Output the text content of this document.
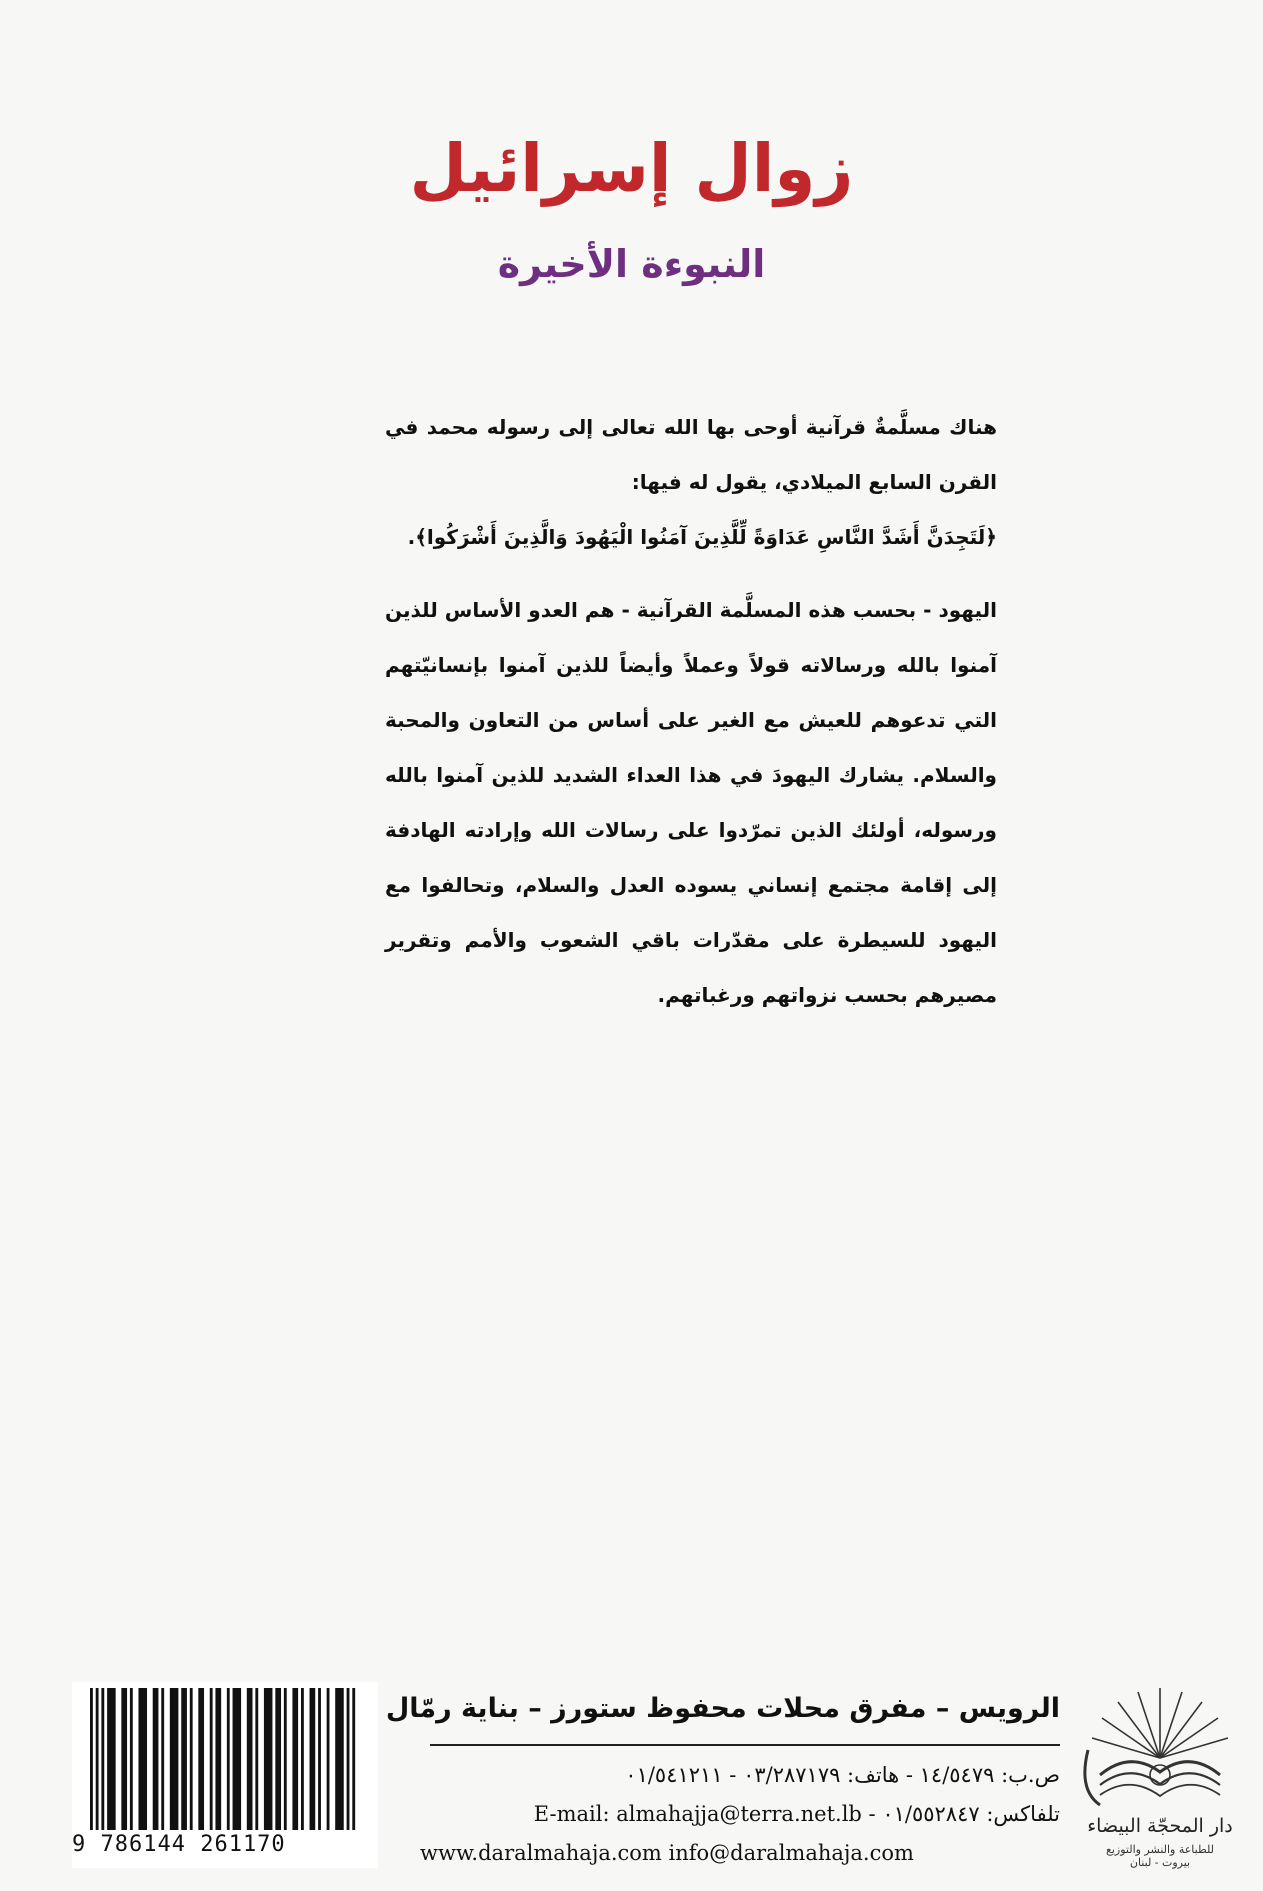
زوال إسرائيل
النبوءة الأخيرة

هناك مسلَّمةٌ قرآنية أوحى بها الله تعالى إلى رسوله محمد في القرن السابع الميلادي، يقول له فيها:

﴿لَتَجِدَنَّ أَشَدَّ النَّاسِ عَدَاوَةً لِّلَّذِينَ آمَنُوا الْيَهُودَ وَالَّذِينَ أَشْرَكُوا﴾.

اليهود - بحسب هذه المسلَّمة القرآنية - هم العدو الأساس للذين آمنوا بالله ورسالاته قولاً وعملاً وأيضاً للذين آمنوا بإنسانيّتهم التي تدعوهم للعيش مع الغير على أساس من التعاون والمحبة والسلام. يشارك اليهودَ في هذا العداء الشديد للذين آمنوا بالله ورسوله، أولئك الذين تمرّدوا على رسالات الله وإرادته الهادفة إلى إقامة مجتمع إنساني يسوده العدل والسلام، وتحالفوا مع اليهود للسيطرة على مقدّرات باقي الشعوب والأمم وتقرير مصيرهم بحسب نزواتهم ورغباتهم.

9 786144 261170
الرويس – مفرق محلات محفوظ ستورز – بناية رمّال
ص.ب: ١٤/٥٤٧٩ - هاتف: ٠٣/٢٨٧١٧٩ - ٠١/٥٤١٢١١
تلفاكس: ٠١/٥٥٢٨٤٧ - E-mail: almahajja@terra.net.lb
www.daralmahaja.com info@daralmahaja.com
دار المحجّة البيضاء
للطباعة والنشر والتوزيع
بيروت - لبنان
